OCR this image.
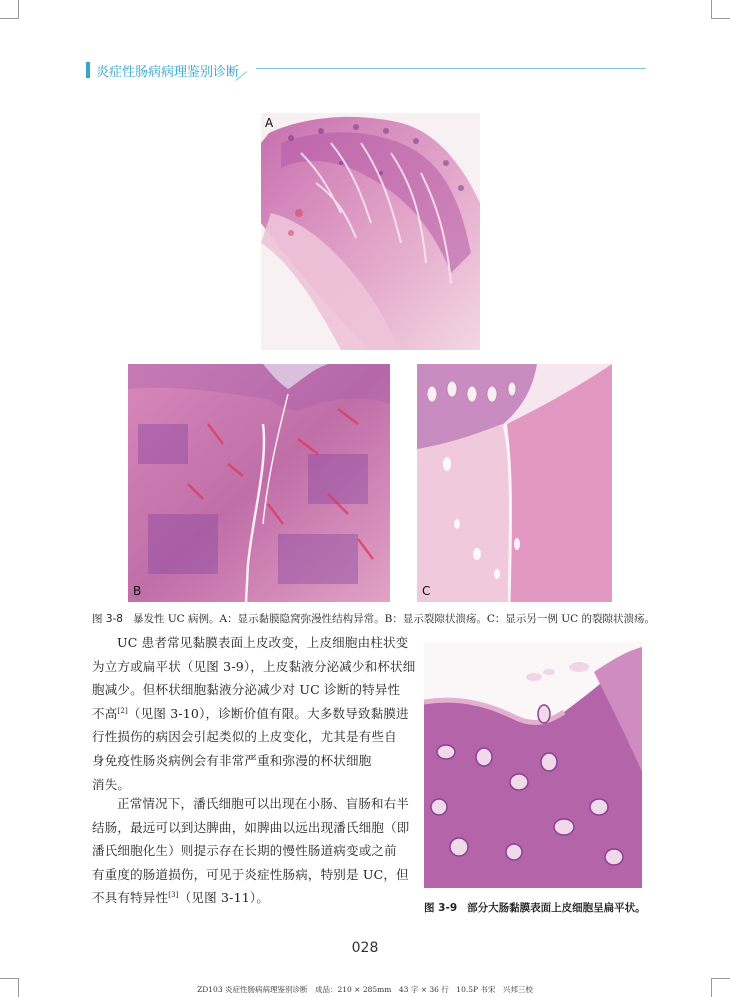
炎症性肠病病理鉴别诊断
A
B	C
图 3-8 暴发性 UC 病例。A：显示黏膜隐窝弥漫性结构异常。B：显示裂隙状溃疡。C：显示另一例 UC 的裂隙状溃疡。
UC 患者常见黏膜表面上皮改变，上皮细胞由柱状变
为立方或扁平状（见图 3-9），上皮黏液分泌减少和杯状细
胞减少。但杯状细胞黏液分泌减少对 UC 诊断的特异性
不高[2]（见图 3-10），诊断价值有限。大多数导致黏膜进
行性损伤的病因会引起类似的上皮变化，尤其是有些自
身免疫性肠炎病例会有非常严重和弥漫的杯状细胞
消失。
正常情况下，潘氏细胞可以出现在小肠、盲肠和右半
结肠，最远可以到达脾曲，如脾曲以远出现潘氏细胞（即
潘氏细胞化生）则提示存在长期的慢性肠道病变或之前
有重度的肠道损伤，可见于炎症性肠病，特别是 UC，但
不具有特异性[3]（见图 3-11）。
图 3-9 部分大肠黏膜表面上皮细胞呈扁平状。
028
ZD103 炎症性肠病病理鉴别诊断　成品：210 × 285mm　43 字 × 36 行　10.5P 书宋　兴邦三校
